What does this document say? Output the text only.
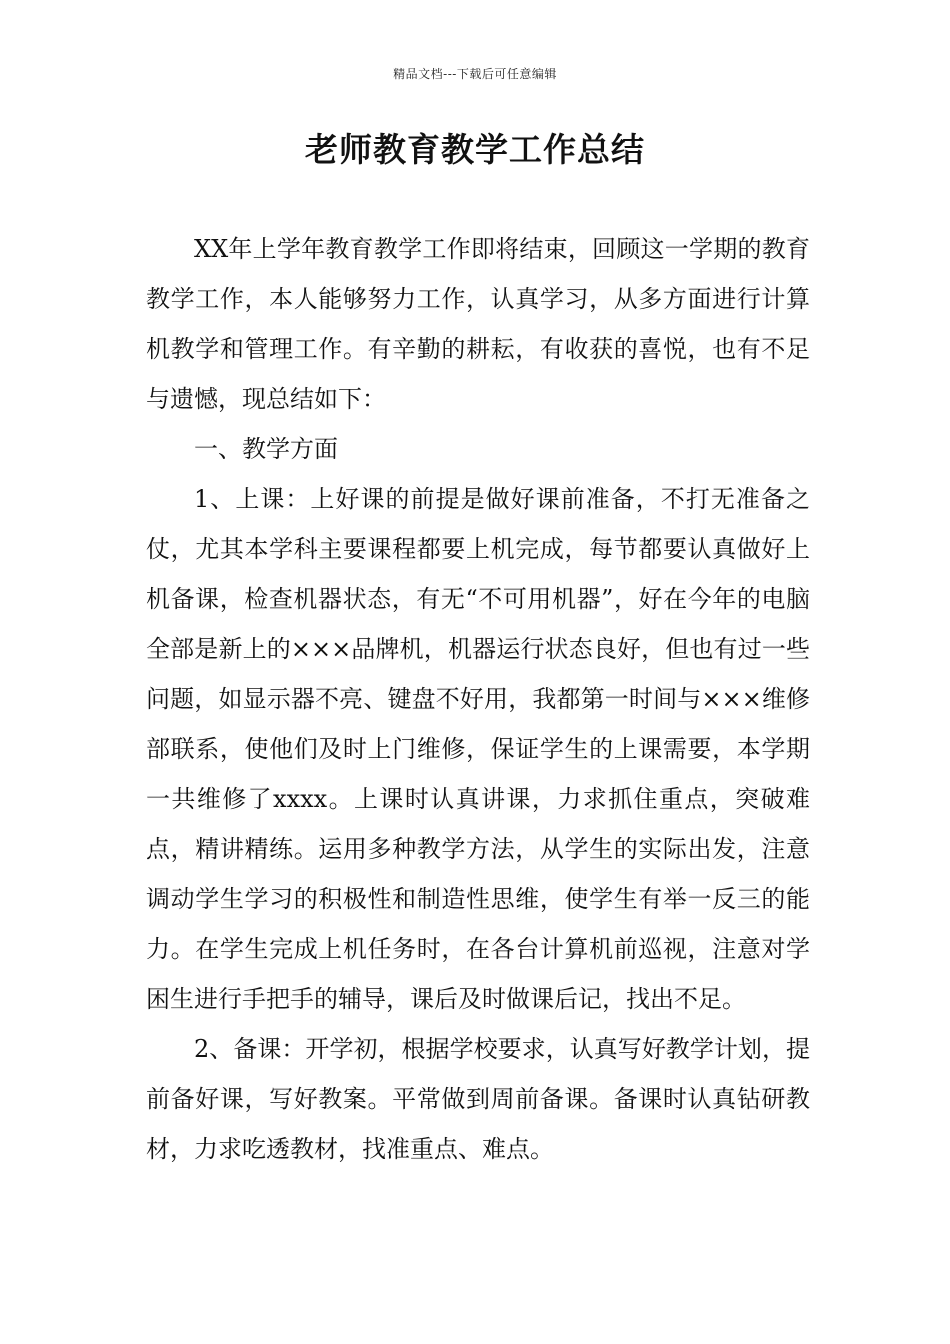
精品文档---下载后可任意编辑
老师教育教学工作总结

XX年上学年教育教学工作即将结束，回顾这一学期的教育教学工作，本人能够努力工作，认真学习，从多方面进行计算机教学和管理工作。有辛勤的耕耘，有收获的喜悦，也有不足与遗憾，现总结如下：

一、教学方面

1、上课：上好课的前提是做好课前准备，不打无准备之仗，尤其本学科主要课程都要上机完成，每节都要认真做好上机备课，检查机器状态，有无“不可用机器”，好在今年的电脑全部是新上的×××品牌机，机器运行状态良好，但也有过一些问题，如显示器不亮、键盘不好用，我都第一时间与×××维修部联系，使他们及时上门维修，保证学生的上课需要，本学期一共维修了xxxx。上课时认真讲课，力求抓住重点，突破难点，精讲精练。运用多种教学方法，从学生的实际出发，注意调动学生学习的积极性和制造性思维，使学生有举一反三的能力。在学生完成上机任务时，在各台计算机前巡视，注意对学困生进行手把手的辅导，课后及时做课后记，找出不足。

2、备课：开学初，根据学校要求，认真写好教学计划，提前备好课，写好教案。平常做到周前备课。备课时认真钻研教材，力求吃透教材，找准重点、难点。
